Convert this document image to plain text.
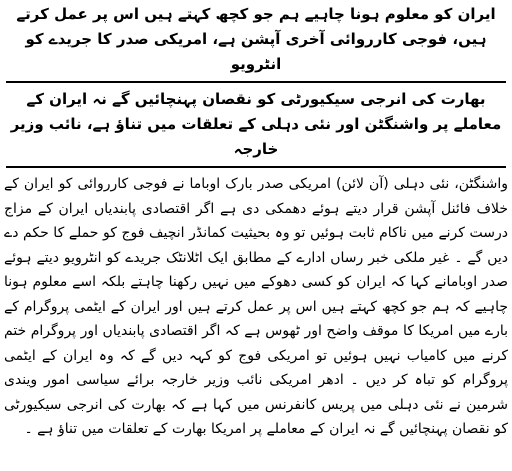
ایران کو معلوم ہونا چاہیے ہم جو کچھ کہتے ہیں اس پر عمل کرتے ہیں، فوجی کارروائی آخری آپشن ہے، امریکی صدر کا جریدے کو انٹرویو
بھارت کی انرجی سیکیورٹی کو نقصان پہنچائیں گے نہ ایران کے معاملے پر واشنگٹن اور نئی دہلی کے تعلقات میں تناؤ ہے، نائب وزیر خارجہ

واشنگٹن، نئی دہلی (آن لائن) امریکی صدر بارک اوباما نے فوجی کارروائی کو ایران کے خلاف فائنل آپشن قرار دیتے ہوئے دھمکی دی ہے اگر اقتصادی پابندیاں ایران کے مزاج درست کرنے میں ناکام ثابت ہوئیں تو وہ بحیثیت کمانڈر انچیف فوج کو حملے کا حکم دے دیں گے ۔ غیر ملکی خبر رساں ادارے کے مطابق ایک اٹلانٹک جریدے کو انٹرویو دیتے ہوئے صدر اوبامانے کہا کہ ایران کو کسی دھوکے میں نہیں رکھنا چاہتے بلکہ اسے معلوم ہونا چاہیے کہ ہم جو کچھ کہتے ہیں اس پر عمل کرتے ہیں اور ایران کے ایٹمی پروگرام کے بارے میں امریکا کا موقف واضح اور ٹھوس ہے کہ اگر اقتصادی پابندیاں اور پروگرام ختم کرنے میں کامیاب نہیں ہوئیں تو امریکی فوج کو کہہ دیں گے کہ وہ ایران کے ایٹمی پروگرام کو تباہ کر دیں ۔ ادھر امریکی نائب وزیر خارجہ برائے سیاسی امور ویندی شرمین نے نئی دہلی میں پریس کانفرنس میں کہا ہے کہ بھارت کی انرجی سیکیورٹی کو نقصان پہنچائیں گے نہ ایران کے معاملے پر امریکا بھارت کے تعلقات میں تناؤ ہے ۔
